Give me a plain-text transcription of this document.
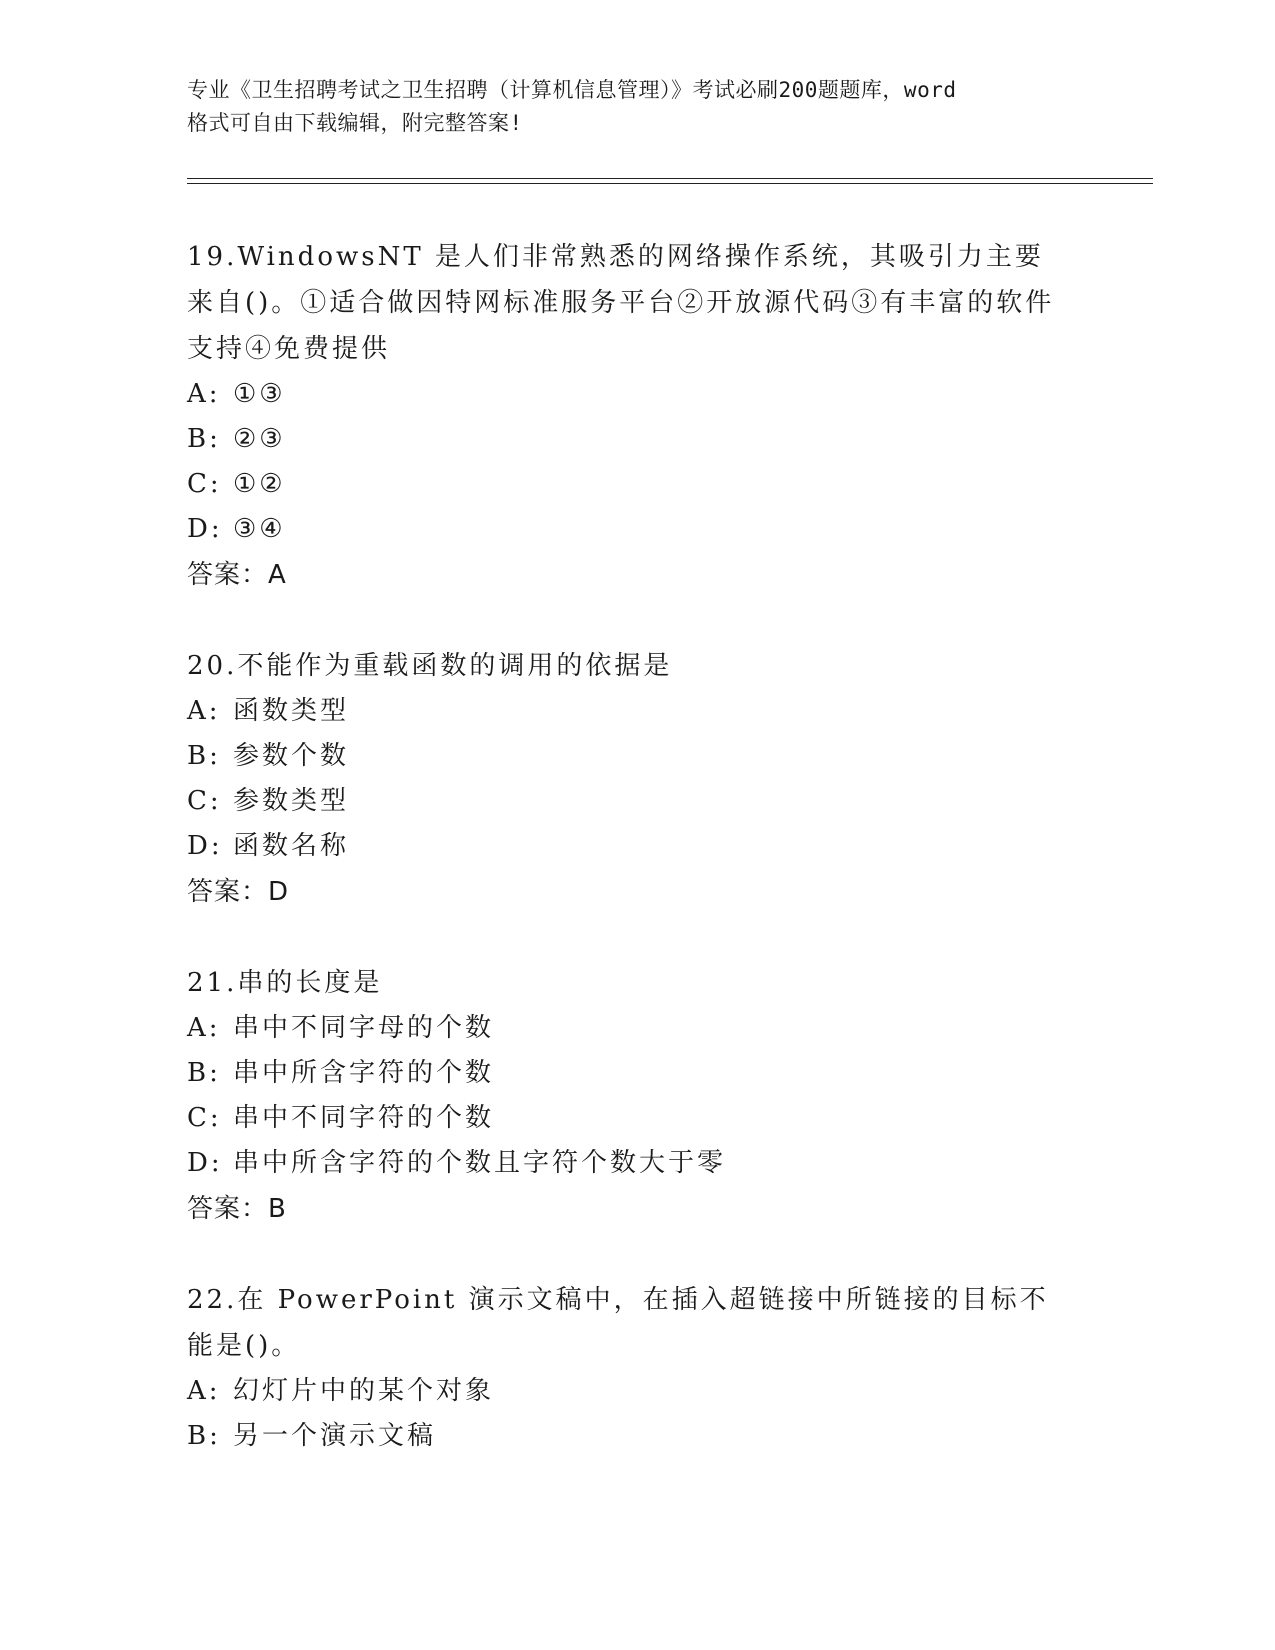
专业《卫生招聘考试之卫生招聘（计算机信息管理）》考试必刷200题题库，word
格式可自由下载编辑，附完整答案!

19.WindowsNT 是人们非常熟悉的网络操作系统，其吸引力主要来自()。①适合做因特网标准服务平台②开放源代码③有丰富的软件支持④免费提供

A: ①③

B: ②③

C: ①②

D: ③④

答案：A

20.不能作为重载函数的调用的依据是

A: 函数类型

B: 参数个数

C: 参数类型

D: 函数名称

答案：D

21.串的长度是

A: 串中不同字母的个数

B: 串中所含字符的个数

C: 串中不同字符的个数

D: 串中所含字符的个数且字符个数大于零

答案：B

22.在 PowerPoint 演示文稿中，在插入超链接中所链接的目标不能是()。

A: 幻灯片中的某个对象

B: 另一个演示文稿
